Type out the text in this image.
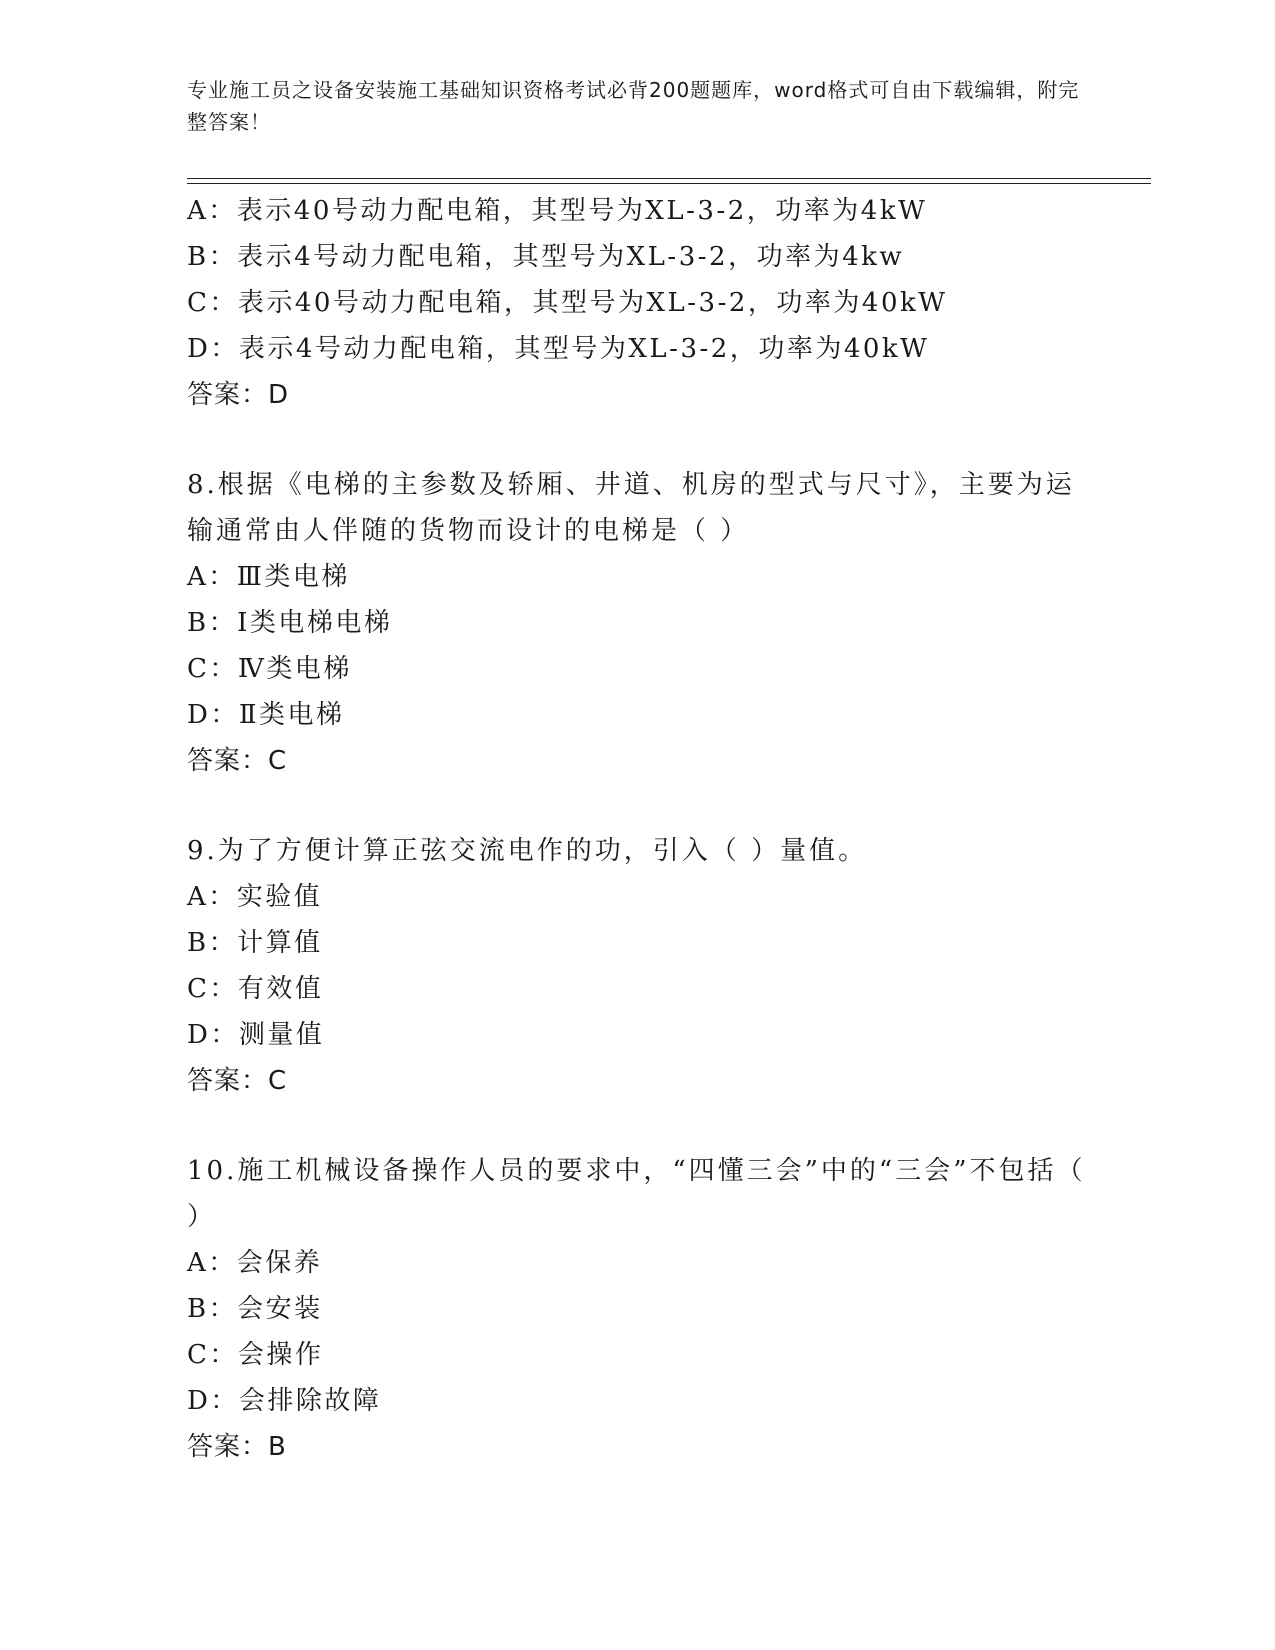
专业施工员之设备安装施工基础知识资格考试必背200题题库，word格式可自由下载编辑，附完整答案！
A：表示40号动力配电箱，其型号为XL-3-2，功率为4kW
B：表示4号动力配电箱，其型号为XL-3-2，功率为4kw
C：表示40号动力配电箱，其型号为XL-3-2，功率为40kW
D：表示4号动力配电箱，其型号为XL-3-2，功率为40kW
答案：D
8.根据《电梯的主参数及轿厢、井道、机房的型式与尺寸》，主要为运输通常由人伴随的货物而设计的电梯是（ ）
A：Ⅲ类电梯
B：Ⅰ类电梯电梯
C：Ⅳ类电梯
D：Ⅱ类电梯
答案：C
9.为了方便计算正弦交流电作的功，引入（ ）量值。
A：实验值
B：计算值
C：有效值
D：测量值
答案：C
10.施工机械设备操作人员的要求中，“四懂三会”中的“三会”不包括（ ）
A：会保养
B：会安装
C：会操作
D：会排除故障
答案：B
